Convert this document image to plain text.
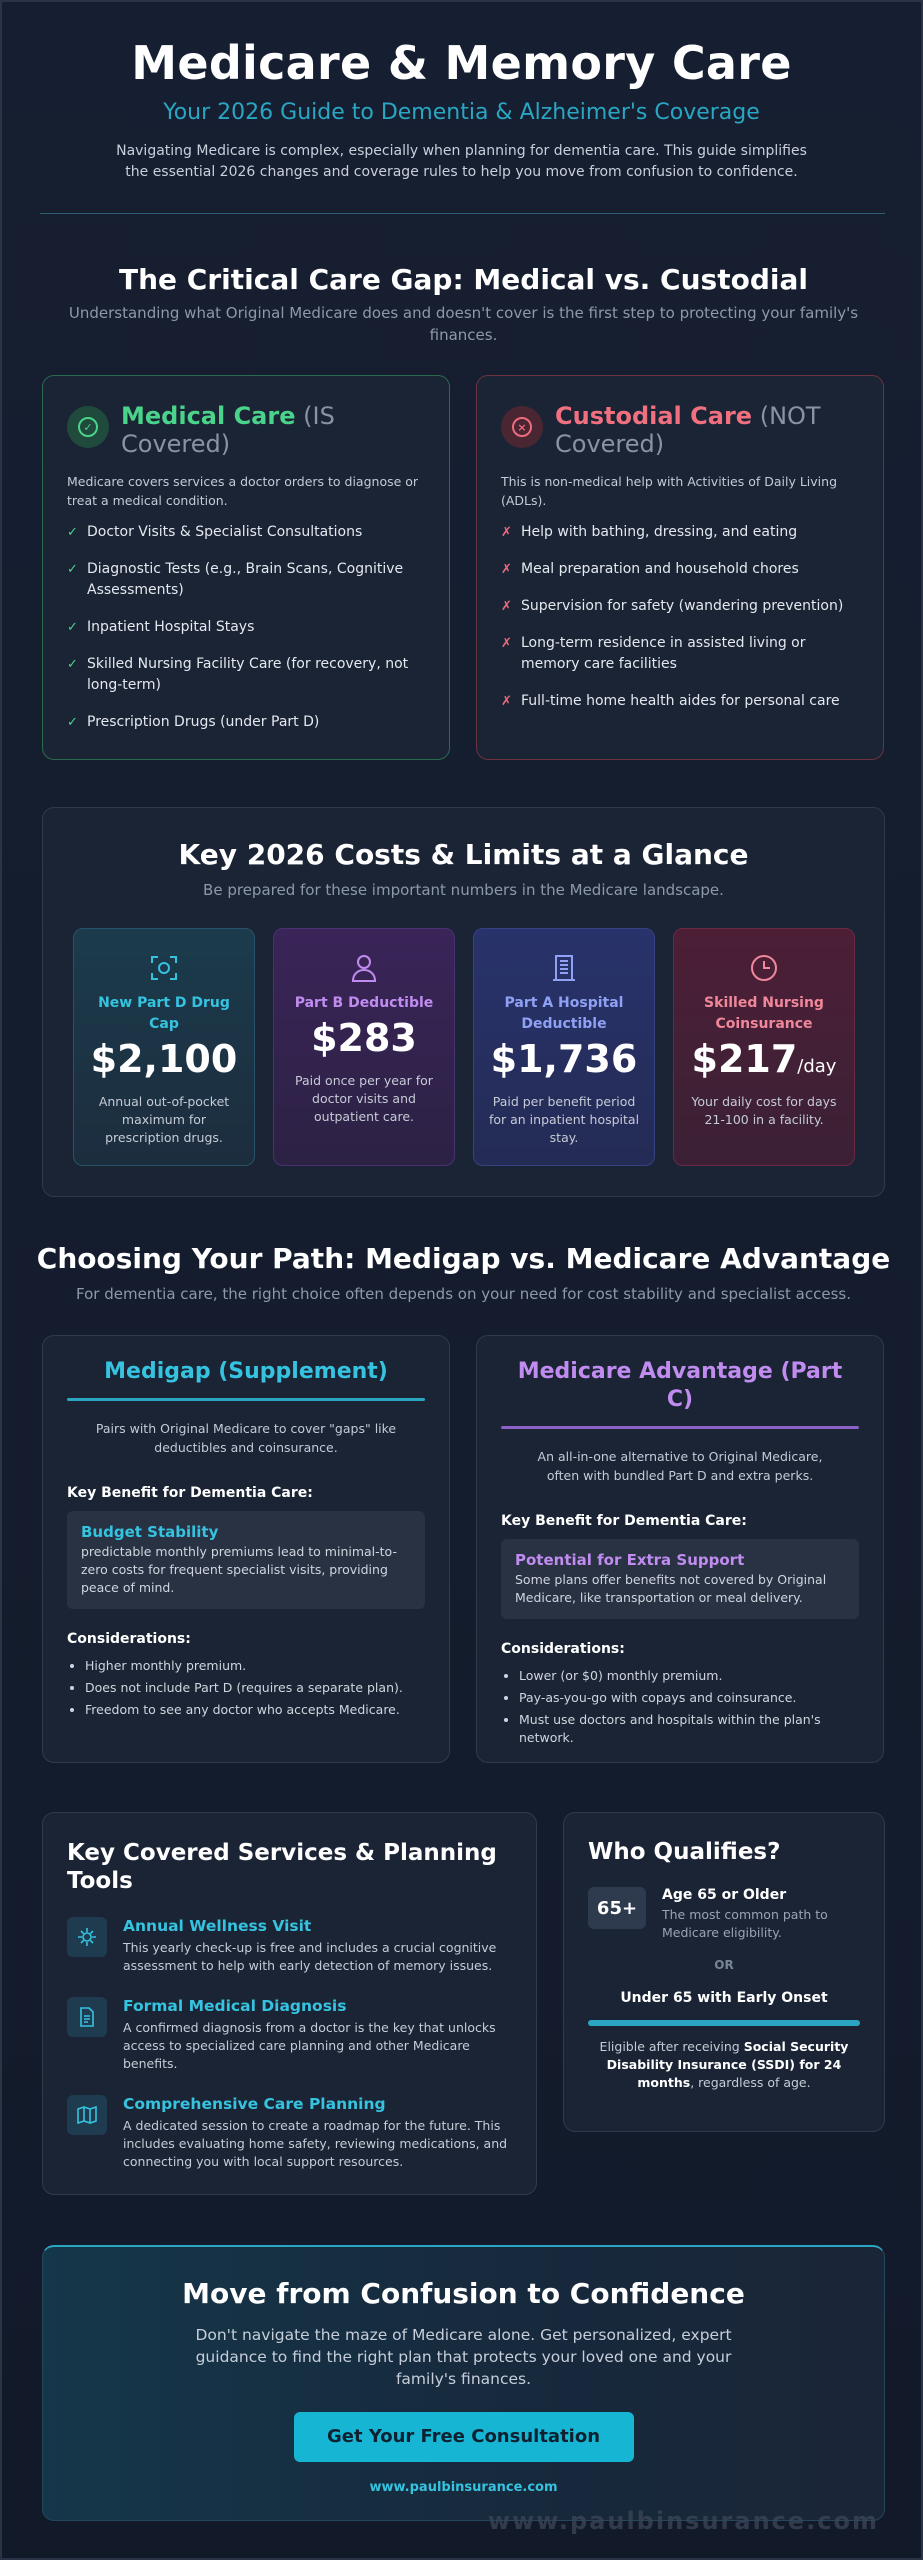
Medicare & Memory Care
Your 2026 Guide to Dementia & Alzheimer's Coverage
Navigating Medicare is complex, especially when planning for dementia care. This guide simplifies the essential 2026 changes and coverage rules to help you move from confusion to confidence.
The Critical Care Gap: Medical vs. Custodial
Understanding what Original Medicare does and doesn't cover is the first step to protecting your family's finances.
✓ Medical Care (IS Covered)
Medicare covers services a doctor orders to diagnose or treat a medical condition.
✓ Doctor Visits & Specialist Consultations
✓ Diagnostic Tests (e.g., Brain Scans, Cognitive Assessments)
✓ Inpatient Hospital Stays
✓ Skilled Nursing Facility Care (for recovery, not long-term)
✓ Prescription Drugs (under Part D)
× Custodial Care (NOT Covered)
This is non-medical help with Activities of Daily Living (ADLs).
✗ Help with bathing, dressing, and eating
✗ Meal preparation and household chores
✗ Supervision for safety (wandering prevention)
✗ Long-term residence in assisted living or memory care facilities
✗ Full-time home health aides for personal care
Key 2026 Costs & Limits at a Glance
Be prepared for these important numbers in the Medicare landscape.
New Part D Drug Cap
$2,100
Annual out-of-pocket maximum for prescription drugs.
Part B Deductible
$283
Paid once per year for doctor visits and outpatient care.
Part A Hospital Deductible
$1,736
Paid per benefit period for an inpatient hospital stay.
Skilled Nursing Coinsurance
$217/day
Your daily cost for days 21-100 in a facility.
Choosing Your Path: Medigap vs. Medicare Advantage
For dementia care, the right choice often depends on your need for cost stability and specialist access.
Medigap (Supplement)
Pairs with Original Medicare to cover "gaps" like deductibles and coinsurance.
Key Benefit for Dementia Care:
Budget Stability
predictable monthly premiums lead to minimal-to-zero costs for frequent specialist visits, providing peace of mind.
Considerations:
• Higher monthly premium.
• Does not include Part D (requires a separate plan).
• Freedom to see any doctor who accepts Medicare.
Medicare Advantage (Part C)
An all-in-one alternative to Original Medicare, often with bundled Part D and extra perks.
Key Benefit for Dementia Care:
Potential for Extra Support
Some plans offer benefits not covered by Original Medicare, like transportation or meal delivery.
Considerations:
• Lower (or $0) monthly premium.
• Pay-as-you-go with copays and coinsurance.
• Must use doctors and hospitals within the plan's network.
Key Covered Services & Planning Tools
Annual Wellness Visit
This yearly check-up is free and includes a crucial cognitive assessment to help with early detection of memory issues.
Formal Medical Diagnosis
A confirmed diagnosis from a doctor is the key that unlocks access to specialized care planning and other Medicare benefits.
Comprehensive Care Planning
A dedicated session to create a roadmap for the future. This includes evaluating home safety, reviewing medications, and connecting you with local support resources.
Who Qualifies?
65+
Age 65 or Older
The most common path to Medicare eligibility.
OR
Under 65 with Early Onset
Eligible after receiving Social Security Disability Insurance (SSDI) for 24 months, regardless of age.
Move from Confusion to Confidence
Don't navigate the maze of Medicare alone. Get personalized, expert guidance to find the right plan that protects your loved one and your family's finances.
Get Your Free Consultation
www.paulbinsurance.com
www.paulbinsurance.com
